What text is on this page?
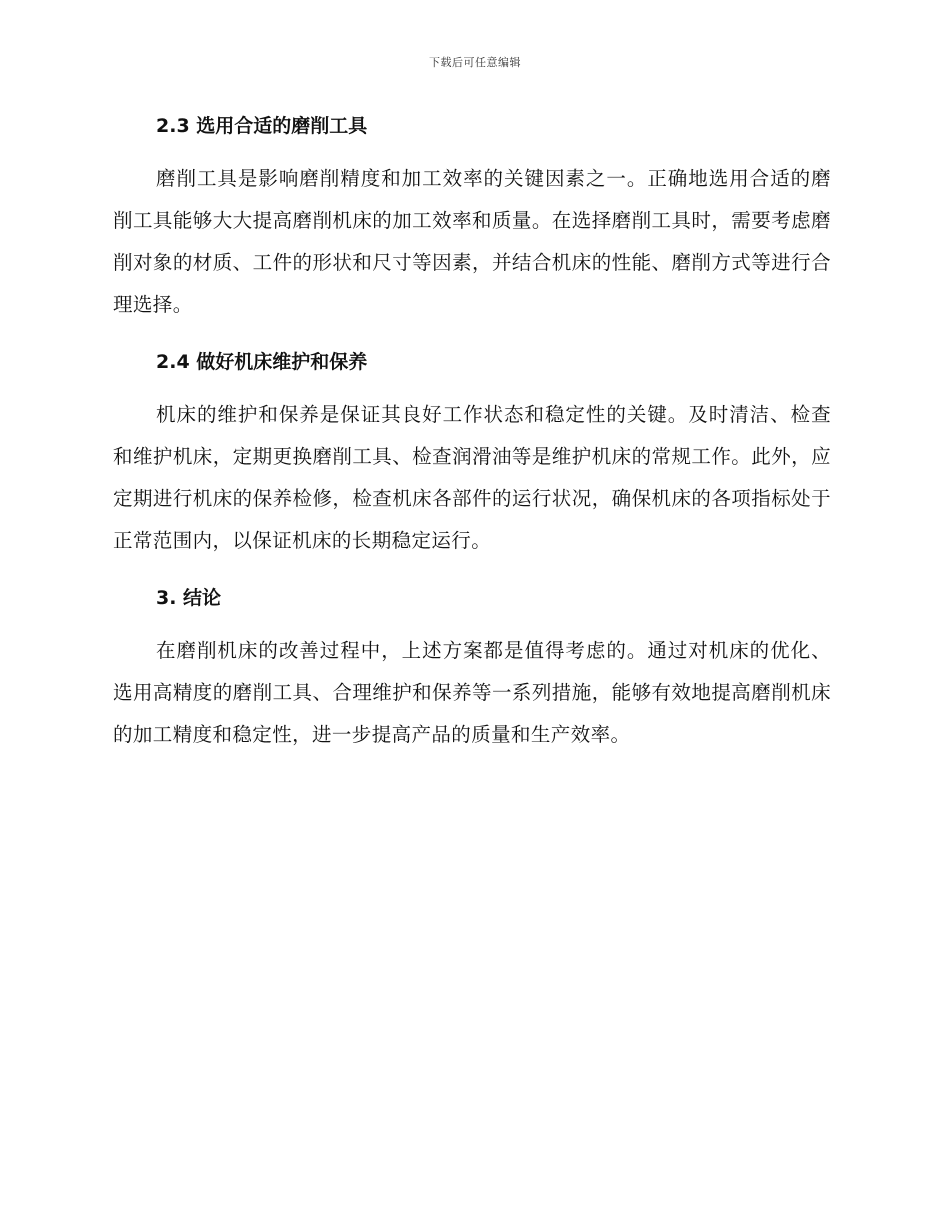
下载后可任意编辑
2.3 选用合适的磨削工具

磨削工具是影响磨削精度和加工效率的关键因素之一。正确地选用合适的磨削工具能够大大提高磨削机床的加工效率和质量。在选择磨削工具时，需要考虑磨削对象的材质、工件的形状和尺寸等因素，并结合机床的性能、磨削方式等进行合理选择。

2.4 做好机床维护和保养

机床的维护和保养是保证其良好工作状态和稳定性的关键。及时清洁、检查和维护机床，定期更换磨削工具、检查润滑油等是维护机床的常规工作。此外，应定期进行机床的保养检修，检查机床各部件的运行状况，确保机床的各项指标处于正常范围内，以保证机床的长期稳定运行。

3. 结论

在磨削机床的改善过程中，上述方案都是值得考虑的。通过对机床的优化、选用高精度的磨削工具、合理维护和保养等一系列措施，能够有效地提高磨削机床的加工精度和稳定性，进一步提高产品的质量和生产效率。
